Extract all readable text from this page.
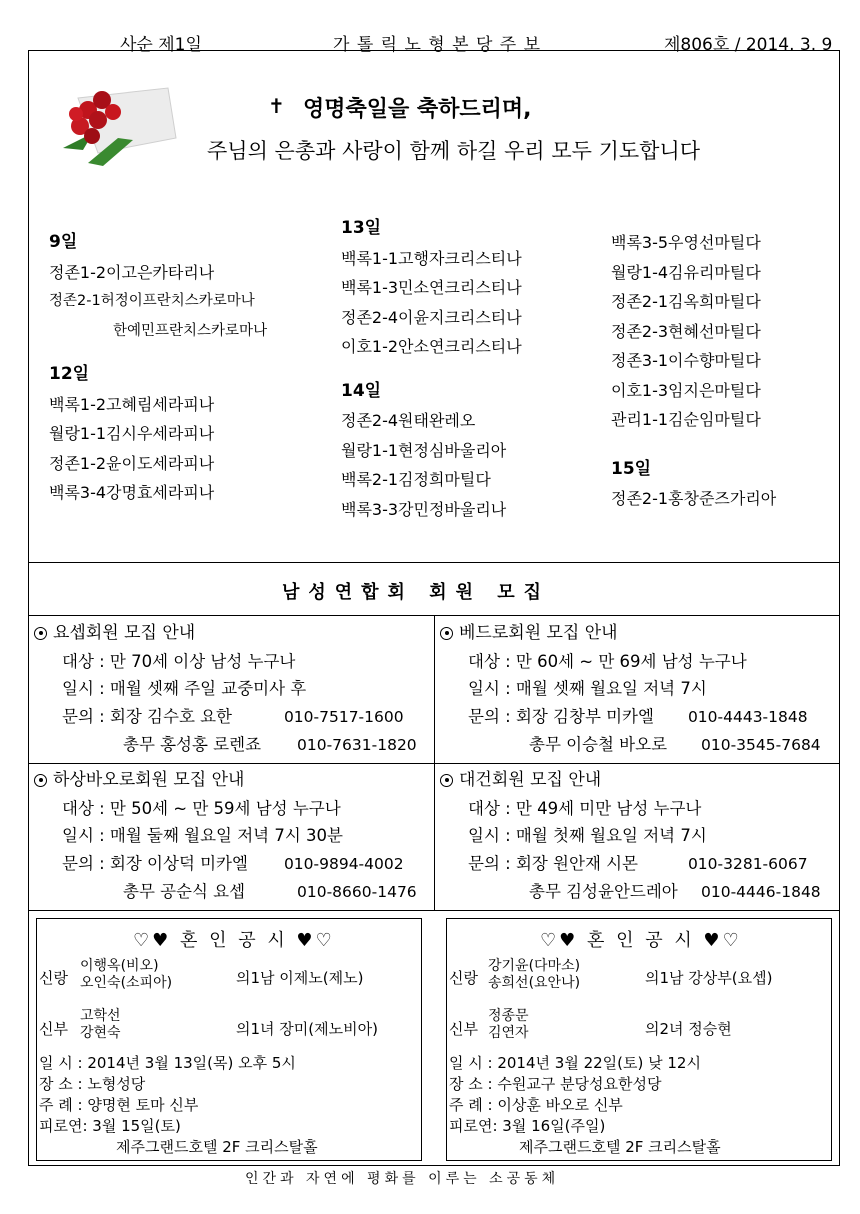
사순 제1일	가 톨 릭 노 형 본 당 주 보	제806호 / 2014. 3. 9
✝ 영명축일을 축하드리며,
주님의 은총과 사랑이 함께 하길 우리 모두 기도합니다
9일
정존1-2이고은카타리나
정존2-1허정이프란치스카로마나
한예민프란치스카로마나
12일
백록1-2고혜림세라피나
월랑1-1김시우세라피나
정존1-2윤이도세라피나
백록3-4강명효세라피나
13일
백록1-1고행자크리스티나
백록1-3민소연크리스티나
정존2-4이윤지크리스티나
이호1-2안소연크리스티나
14일
정존2-4원태완레오
월랑1-1현정심바울리아
백록2-1김정희마틸다
백록3-3강민정바울리나
백록3-5우영선마틸다
월랑1-4김유리마틸다
정존2-1김옥희마틸다
정존2-3현혜선마틸다
정존3-1이수향마틸다
이호1-3임지은마틸다
관리1-1김순임마틸다
15일
정존2-1홍창준즈가리아
남성연합회 회원 모집
요셉회원 모집 안내
대상 : 만 70세 이상 남성 누구나
일시 : 매월 셋째 주일 교중미사 후
문의 : 회장 김수호 요한	010-7517-1600
총무 홍성홍 로렌죠 010-7631-1820
베드로회원 모집 안내
대상 : 만 60세 ~ 만 69세 남성 누구나
일시 : 매월 셋째 월요일 저녁 7시
문의 : 회장 김창부 미카엘 010-4443-1848
총무 이승철 바오로 010-3545-7684
하상바오로회원 모집 안내
대상 : 만 50세 ~ 만 59세 남성 누구나
일시 : 매월 둘째 월요일 저녁 7시 30분
문의 : 회장 이상덕 미카엘 010-9894-4002
총무 공순식 요셉	010-8660-1476
대건회원 모집 안내
대상 : 만 49세 미만 남성 누구나
일시 : 매월 첫째 월요일 저녁 7시
문의 : 회장 원안재 시몬	010-3281-6067
총무 김성윤안드레아 010-4446-1848
♡♥ 혼 인 공 시 ♥♡
신랑
이행옥(비오)
오인숙(소피아)	의1남 이제노(제노)
신부
고학선
강현숙	의1녀 장미(제노비아)
일 시 : 2014년 3월 13일(목) 오후 5시
장 소 : 노형성당
주 례 : 양명현 토마 신부
피로연: 3월 15일(토)
제주그랜드호텔 2F 크리스탈홀
♡♥ 혼 인 공 시 ♥♡
신랑
강기윤(다마소)
송희선(요안나)	의1남 강상부(요셉)
신부
정종문
김연자	의2녀 정승현
일 시 : 2014년 3월 22일(토) 낮 12시
장 소 : 수원교구 분당성요한성당
주 례 : 이상훈 바오로 신부
피로연: 3월 16일(주일)
제주그랜드호텔 2F 크리스탈홀
인간과 자연에 평화를 이루는 소공동체
